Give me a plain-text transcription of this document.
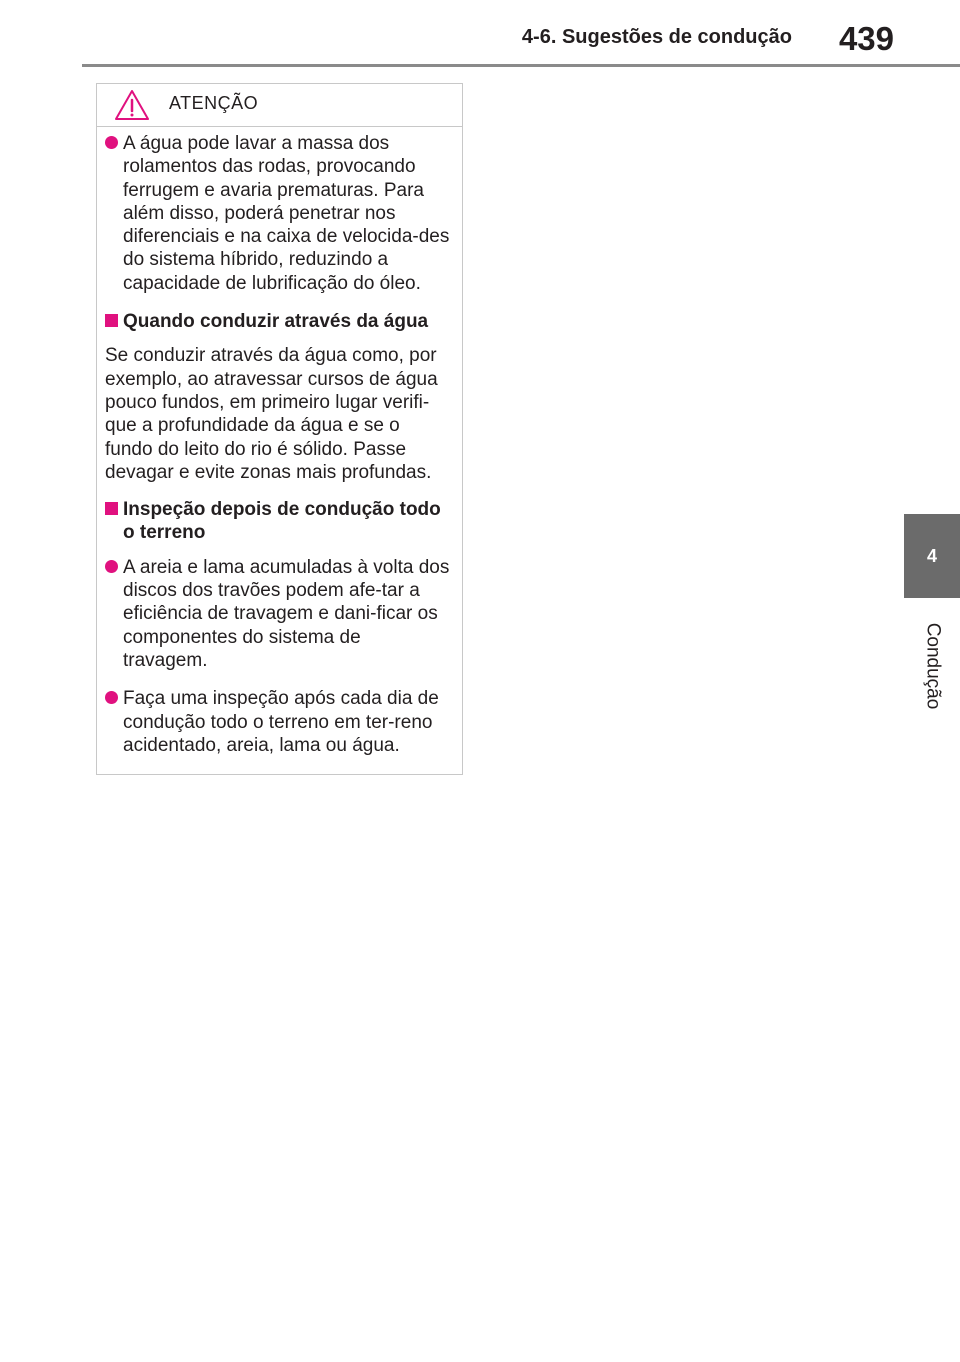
4-6. Sugestões de condução 439
4
Condução
ATENÇÃO
A água pode lavar a massa dos rolamentos das rodas, provocando ferrugem e avaria prematuras. Para além disso, poderá penetrar nos diferenciais e na caixa de velocida-des do sistema híbrido, reduzindo a capacidade de lubrificação do óleo.
Quando conduzir através da água
Se conduzir através da água como, por exemplo, ao atravessar cursos de água pouco fundos, em primeiro lugar verifi-que a profundidade da água e se o fundo do leito do rio é sólido. Passe devagar e evite zonas mais profundas.
Inspeção depois de condução todo o terreno
A areia e lama acumuladas à volta dos discos dos travões podem afe-tar a eficiência de travagem e dani-ficar os componentes do sistema de travagem.
Faça uma inspeção após cada dia de condução todo o terreno em ter-reno acidentado, areia, lama ou água.
